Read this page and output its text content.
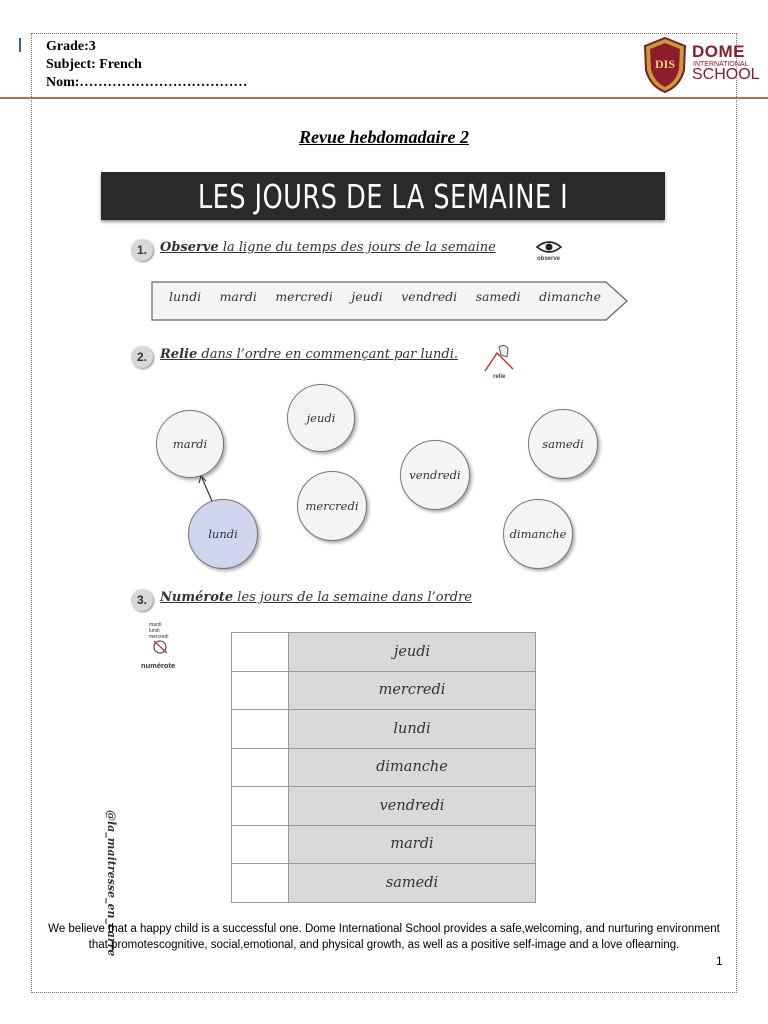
Grade:3
Subject: French
Nom:………………………………
DIS
DOME
INTERNATIONAL
SCHOOL
Revue hebdomadaire 2
LES JOURS DE LA SEMAINE I
1.	Observe la ligne du temps des jours de la semaine
observe
lundi mardi mercredi jeudi vendredi samedi dimanche
2.	Relie dans l’ordre en commençant par lundi.
relie
mardi
jeudi
samedi
vendredi
mercredi
lundi	dimanche
3.	Numérote les jours de la semaine dans l’ordre
mardi
lundi
mercredi
numérote
	jeudi
	mercredi
	lundi
	dimanche
	vendredi
	mardi
	samedi
@la_maitresse_en_carre
We believe that a happy child is a successful one. Dome International School provides a safe,welcoming, and nurturing environment that promotescognitive, social,emotional, and physical growth, as well as a positive self-image and a love oflearning.
1
